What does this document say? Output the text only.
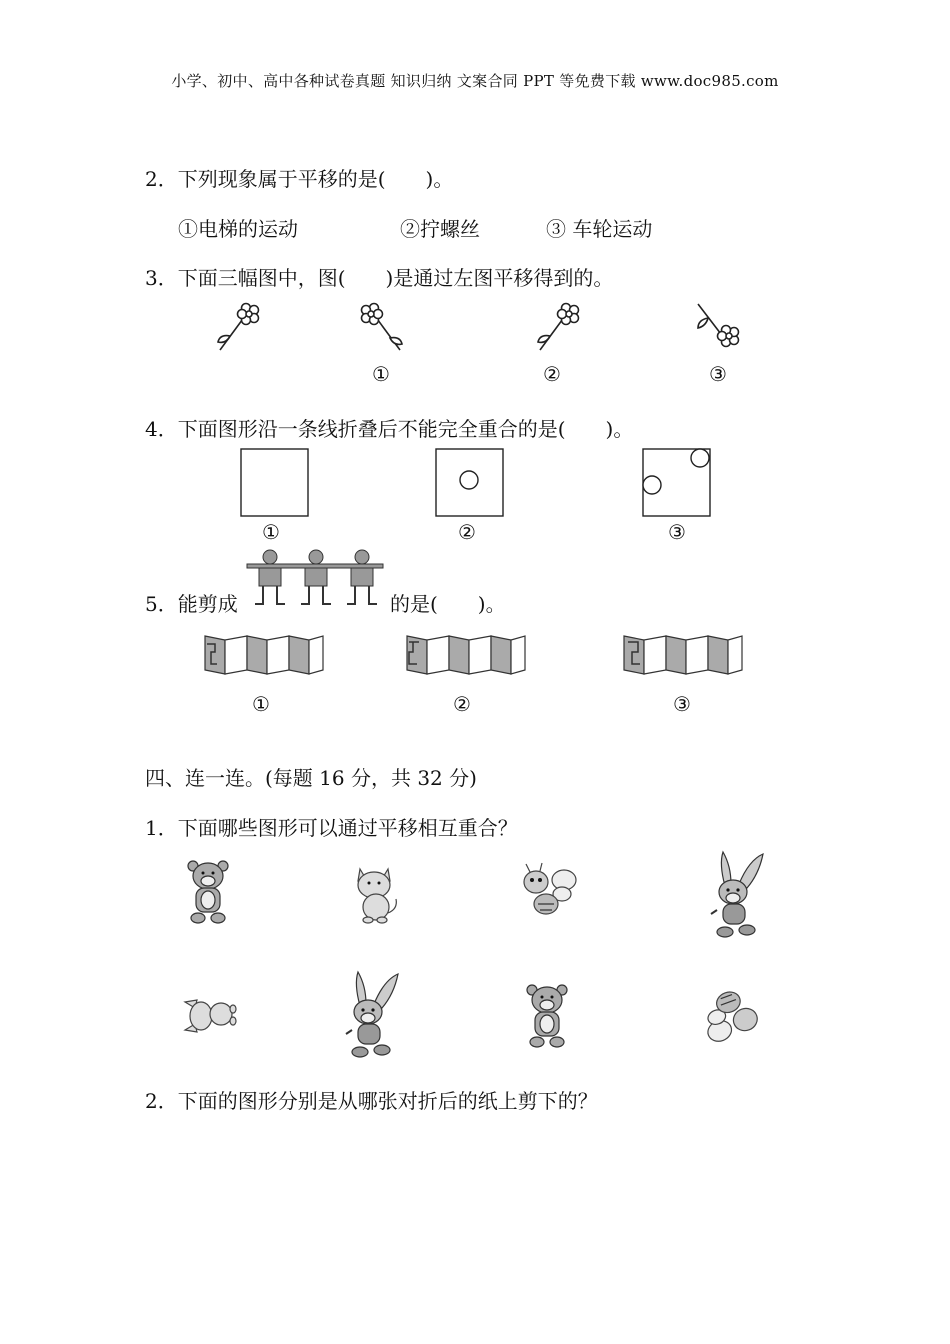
小学、初中、高中各种试卷真题 知识归纳 文案合同 PPT 等免费下载 www.doc985.com
2．下列现象属于平移的是(　　)。
①电梯的运动	②拧螺丝	③ 车轮运动
3．下面三幅图中，图(　　)是通过左图平移得到的。
①	②	③
4．下面图形沿一条线折叠后不能完全重合的是(　　)。
①	②	③
5．能剪成	的是(　　)。
①	②	③
四、连一连。(每题 16 分，共 32 分)
1．下面哪些图形可以通过平移相互重合？
2．下面的图形分别是从哪张对折后的纸上剪下的？
